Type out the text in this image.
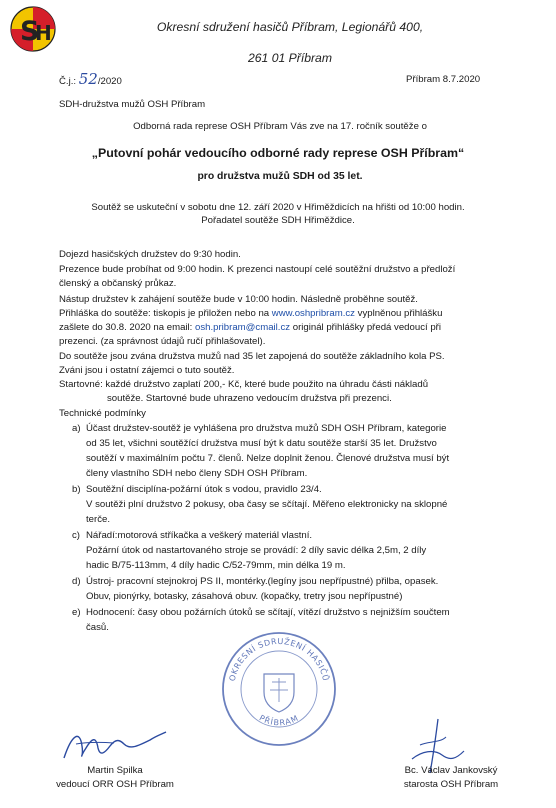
S
H	Okresní sdružení hasičů Příbram, Legionářů 400,
261 01 Příbram
Č.j.: 52/2020	Příbram 8.7.2020
SDH-družstva mužů OSH Příbram
Odborná rada represe OSH Příbram Vás zve na 17. ročník soutěže o
„Putovní pohár vedoucího odborné rady represe OSH Příbram“
pro družstva mužů SDH od 35 let.
Soutěž se uskuteční v sobotu dne 12. září 2020 v Hřiměždicích na hřišti od 10:00 hodin.
Pořadatel soutěže SDH Hřiměždice.
Dojezd hasičských družstev do 9:30 hodin.
Prezence bude probíhat od 9:00 hodin. K prezenci nastoupí celé soutěžní družstvo a předloží
členský a občanský průkaz.
Nástup družstev k zahájení soutěže bude v 10:00 hodin. Následně proběhne soutěž.
Přihláška do soutěže: tiskopis je přiložen nebo na www.oshpribram.cz vyplněnou přihlášku
zašlete do 30.8. 2020 na email: osh.pribram@cmail.cz originál přihlášky předá vedoucí při
prezenci. (za správnost údajů ručí přihlašovatel).
Do soutěže jsou zvána družstva mužů nad 35 let zapojená do soutěže základního kola PS.
Zváni jsou i ostatní zájemci o tuto soutěž.
Startovné: každé družstvo zaplatí 200,- Kč, které bude použito na úhradu části nákladů
soutěže. Startovné bude uhrazeno vedoucím družstva při prezenci.
Technické podmínky
a) Účast družstev-soutěž je vyhlášena pro družstva mužů SDH OSH Příbram, kategorie
od 35 let, všichni soutěžící družstva musí být k datu soutěže starší 35 let. Družstvo
soutěží v maximálním počtu 7. členů. Nelze doplnit ženou. Členové družstva musí být
členy vlastního SDH nebo členy SDH OSH Příbram.
b) Soutěžní disciplína-požární útok s vodou, pravidlo 23/4.
V soutěži plní družstvo 2 pokusy, oba časy se sčítají. Měřeno elektronicky na sklopné
terče.
c) Nářadí:motorová stříkačka a veškerý materiál vlastní.
Požární útok od nastartovaného stroje se provádí: 2 díly savic délka 2,5m, 2 díly
hadic B/75-113mm, 4 díly hadic C/52-79mm, min délka 19 m.
d) Ústroj- pracovní stejnokroj PS II, montérky.(legíny jsou nepřípustné) přilba, opasek.
Obuv, pionýrky, botasky, zásahová obuv. (kopačky, tretry jsou nepřípustné)
e) Hodnocení: časy obou požárních útoků se sčítají, vítězí družstvo s nejnižším součtem
časů.
OKRESNÍ SDRUŽENÍ HASIČŮ
PŘÍBRAM
Martin Spilka
vedoucí ORR OSH Příbram
Bc. Václav Jankovský
starosta OSH Příbram
